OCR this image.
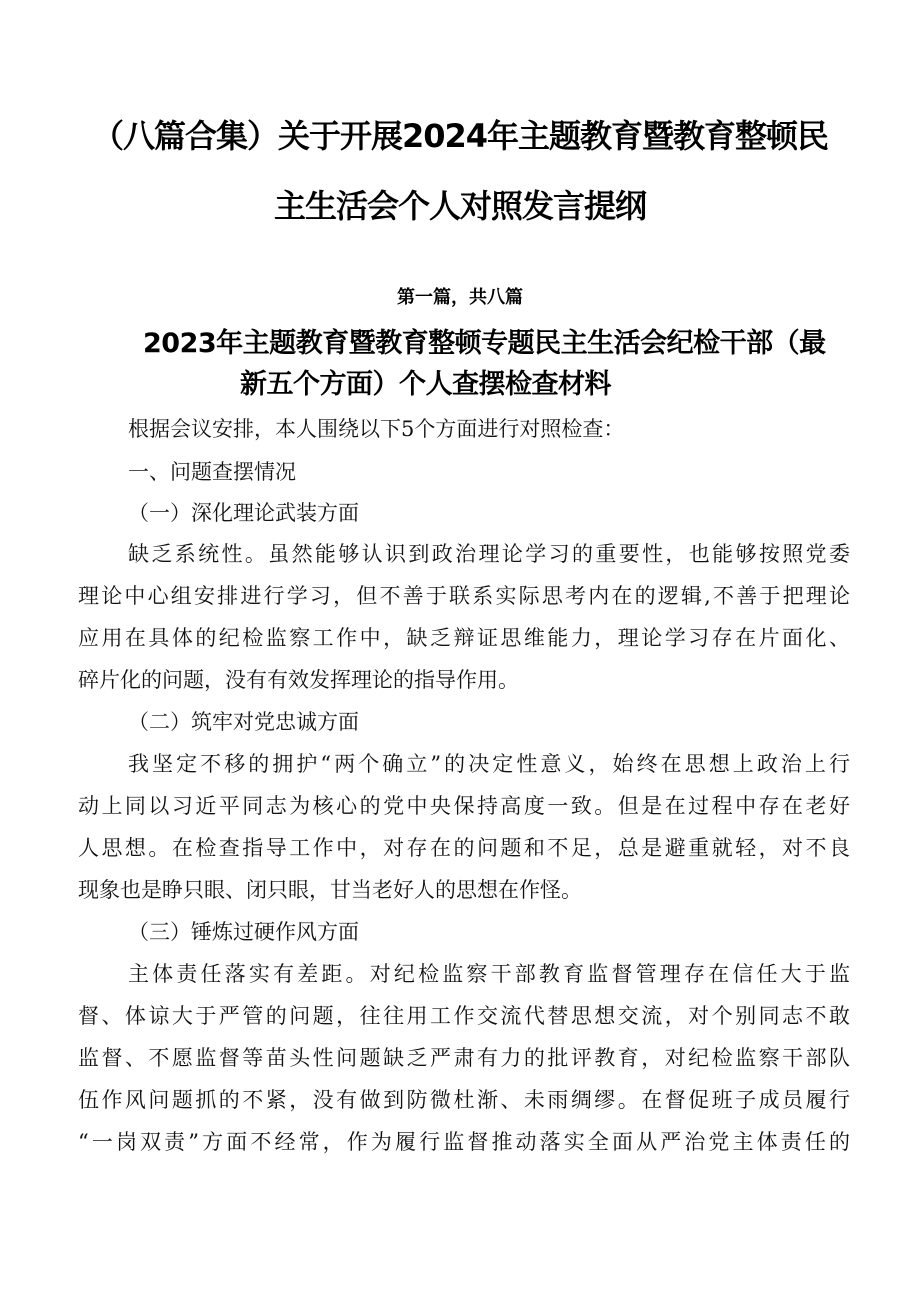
（八篇合集）关于开展2024年主题教育暨教育整顿民
主生活会个人对照发言提纲
第一篇，共八篇
2023年主题教育暨教育整顿专题民主生活会纪检干部（最
新五个方面）个人查摆检查材料
根据会议安排，本人围绕以下5个方面进行对照检查：
一、问题查摆情况
（一）深化理论武装方面
缺乏系统性。虽然能够认识到政治理论学习的重要性，也能够按照党委
理论中心组安排进行学习，但不善于联系实际思考内在的逻辑,不善于把理论
应用在具体的纪检监察工作中，缺乏辩证思维能力，理论学习存在片面化、
碎片化的问题，没有有效发挥理论的指导作用。
（二）筑牢对党忠诚方面
我坚定不移的拥护“两个确立”的决定性意义，始终在思想上政治上行
动上同以习近平同志为核心的党中央保持高度一致。但是在过程中存在老好
人思想。在检查指导工作中，对存在的问题和不足，总是避重就轻，对不良
现象也是睁只眼、闭只眼，甘当老好人的思想在作怪。
（三）锤炼过硬作风方面
主体责任落实有差距。对纪检监察干部教育监督管理存在信任大于监
督、体谅大于严管的问题，往往用工作交流代替思想交流，对个别同志不敢
监督、不愿监督等苗头性问题缺乏严肃有力的批评教育，对纪检监察干部队
伍作风问题抓的不紧，没有做到防微杜渐、未雨绸缪。在督促班子成员履行
“一岗双责”方面不经常，作为履行监督推动落实全面从严治党主体责任的
